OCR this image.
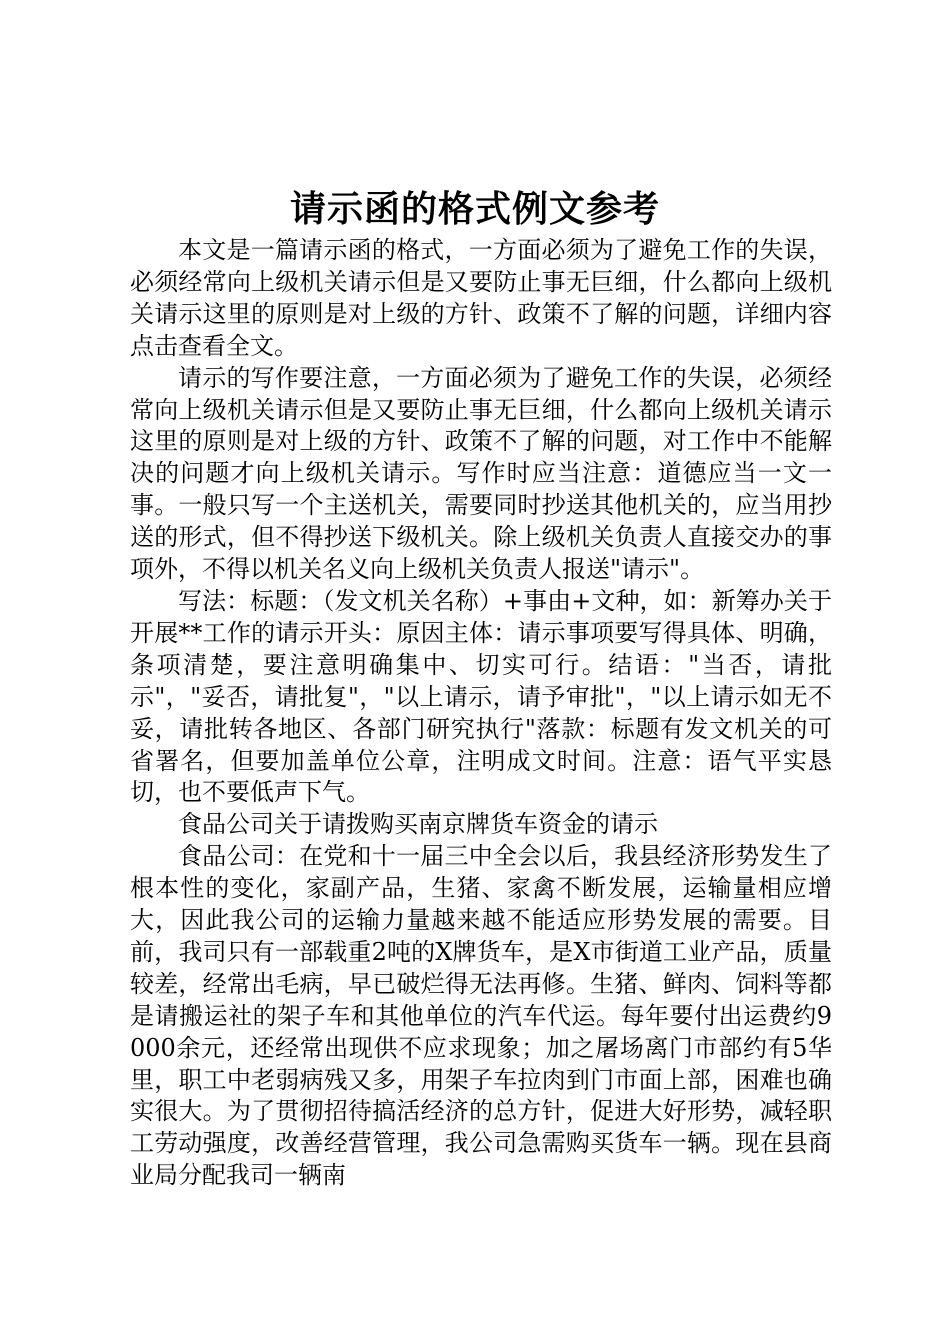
请示函的格式例文参考

本文是一篇请示函的格式，一方面必须为了避免工作的失误，必须经常向上级机关请示但是又要防止事无巨细，什么都向上级机关请示这里的原则是对上级的方针、政策不了解的问题，详细内容点击查看全文。

请示的写作要注意，一方面必须为了避免工作的失误，必须经常向上级机关请示但是又要防止事无巨细，什么都向上级机关请示这里的原则是对上级的方针、政策不了解的问题，对工作中不能解决的问题才向上级机关请示。写作时应当注意：道德应当一文一事。一般只写一个主送机关，需要同时抄送其他机关的，应当用抄送的形式，但不得抄送下级机关。除上级机关负责人直接交办的事项外，不得以机关名义向上级机关负责人报送"请示"。

写法：标题：（发文机关名称）+事由+文种，如：新筹办关于开展**工作的请示开头：原因主体：请示事项要写得具体、明确，条项清楚，要注意明确集中、切实可行。结语："当否，请批示"，"妥否，请批复"，"以上请示，请予审批"，"以上请示如无不妥，请批转各地区、各部门研究执行"落款：标题有发文机关的可省署名，但要加盖单位公章，注明成文时间。注意：语气平实恳切，也不要低声下气。

食品公司关于请拨购买南京牌货车资金的请示

食品公司：在党和十一届三中全会以后，我县经济形势发生了根本性的变化，家副产品，生猪、家禽不断发展，运输量相应增大，因此我公司的运输力量越来越不能适应形势发展的需要。目前，我司只有一部载重2吨的X牌货车，是X市街道工业产品，质量较差，经常出毛病，早已破烂得无法再修。生猪、鲜肉、饲料等都是请搬运社的架子车和其他单位的汽车代运。每年要付出运费约9000余元，还经常出现供不应求现象；加之屠场离门市部约有5华里，职工中老弱病残又多，用架子车拉肉到门市面上部，困难也确实很大。为了贯彻招待搞活经济的总方针，促进大好形势，减轻职工劳动强度，改善经营管理，我公司急需购买货车一辆。现在县商业局分配我司一辆南
